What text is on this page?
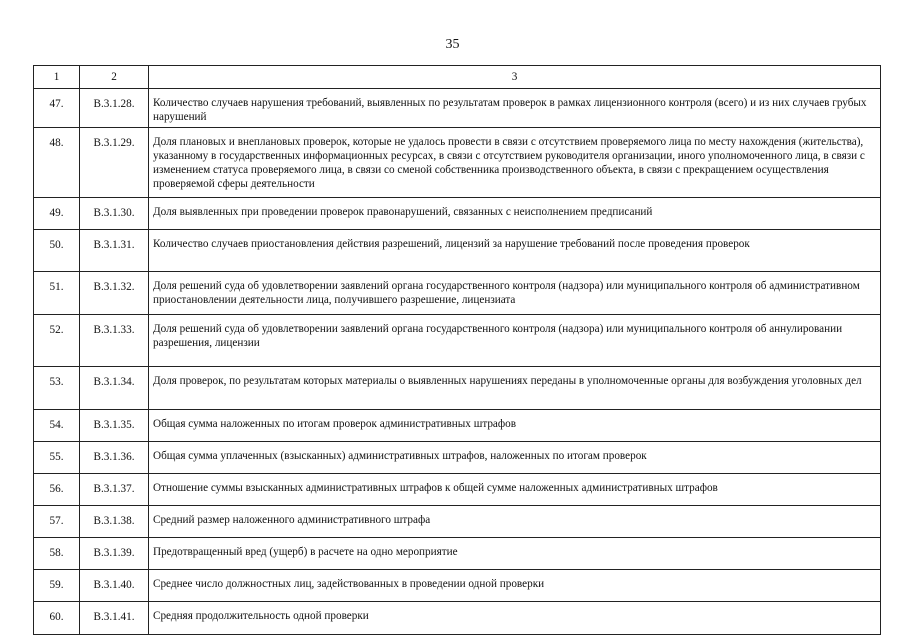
35
1	2	3
47.	В.3.1.28.	Количество случаев нарушения требований, выявленных по результатам проверок в рамках лицензионного контроля (всего) и из них случаев грубых нарушений
48.	В.3.1.29.	Доля плановых и внеплановых проверок, которые не удалось провести в связи с отсутствием проверяемого лица по месту нахождения (жительства), указанному в государственных информационных ресурсах, в связи с отсутствием руководителя организации, иного уполномоченного лица, в связи с изменением статуса проверяемого лица, в связи со сменой собственника производственного объекта, в связи с прекращением осуществления проверяемой сферы деятельности
49.	В.3.1.30.	Доля выявленных при проведении проверок правонарушений, связанных с неисполнением предписаний
50.	В.3.1.31.	Количество случаев приостановления действия разрешений, лицензий за нарушение требований после проведения проверок
51.	В.3.1.32.	Доля решений суда об удовлетворении заявлений органа государственного контроля (надзора) или муниципального контроля об административном приостановлении деятельности лица, получившего разрешение, лицензиата
52.	В.3.1.33.	Доля решений суда об удовлетворении заявлений органа государственного контроля (надзора) или муниципального контроля об аннулировании разрешения, лицензии
53.	В.3.1.34.	Доля проверок, по результатам которых материалы о выявленных нарушениях переданы в уполномоченные органы для возбуждения уголовных дел
54.	В.3.1.35.	Общая сумма наложенных по итогам проверок административных штрафов
55.	В.3.1.36.	Общая сумма уплаченных (взысканных) административных штрафов, наложенных по итогам проверок
56.	В.3.1.37.	Отношение суммы взысканных административных штрафов к общей сумме наложенных административных штрафов
57.	В.3.1.38.	Средний размер наложенного административного штрафа
58.	В.3.1.39.	Предотвращенный вред (ущерб) в расчете на одно мероприятие
59.	В.3.1.40.	Среднее число должностных лиц, задействованных в проведении одной проверки
60.	В.3.1.41.	Средняя продолжительность одной проверки
